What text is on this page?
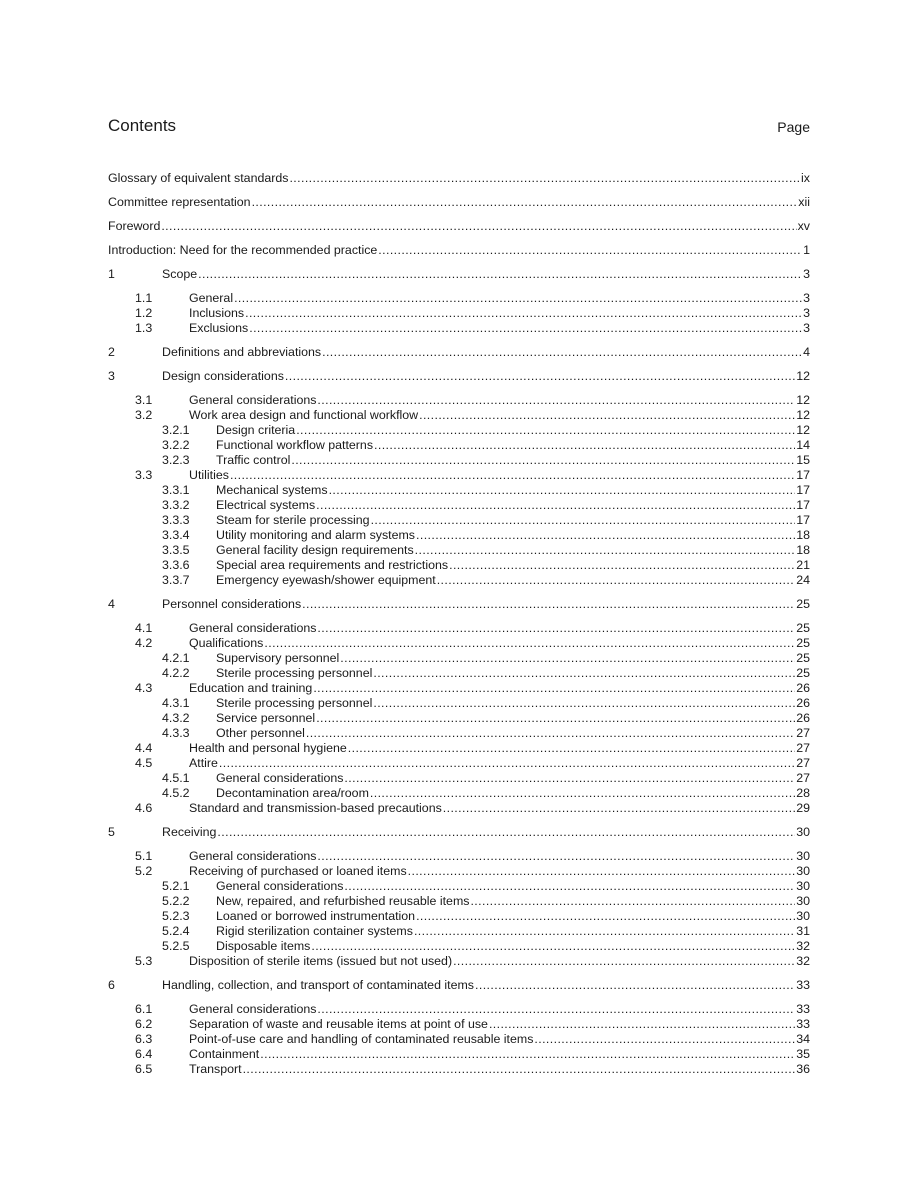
Contents	Page
Glossary of equivalent standards .....	ix
Committee representation .....	xii
Foreword .....	xv
Introduction: Need for the recommended practice .....	1
1	Scope .....	3
1.1	General .....	3
1.2	Inclusions .....	3
1.3	Exclusions .....	3
2	Definitions and abbreviations .....	4
3	Design considerations .....	12
3.1	General considerations .....	12
3.2	Work area design and functional workflow .....	12
3.2.1	Design criteria .....	12
3.2.2	Functional workflow patterns .....	14
3.2.3	Traffic control .....	15
3.3	Utilities .....	17
3.3.1	Mechanical systems .....	17
3.3.2	Electrical systems .....	17
3.3.3	Steam for sterile processing .....	17
3.3.4	Utility monitoring and alarm systems .....	18
3.3.5	General facility design requirements .....	18
3.3.6	Special area requirements and restrictions .....	21
3.3.7	Emergency eyewash/shower equipment .....	24
4	Personnel considerations .....	25
4.1	General considerations .....	25
4.2	Qualifications .....	25
4.2.1	Supervisory personnel .....	25
4.2.2	Sterile processing personnel .....	25
4.3	Education and training .....	26
4.3.1	Sterile processing personnel .....	26
4.3.2	Service personnel .....	26
4.3.3	Other personnel .....	27
4.4	Health and personal hygiene .....	27
4.5	Attire .....	27
4.5.1	General considerations .....	27
4.5.2	Decontamination area/room .....	28
4.6	Standard and transmission-based precautions .....	29
5	Receiving .....	30
5.1	General considerations .....	30
5.2	Receiving of purchased or loaned items .....	30
5.2.1	General considerations .....	30
5.2.2	New, repaired, and refurbished reusable items .....	30
5.2.3	Loaned or borrowed instrumentation .....	30
5.2.4	Rigid sterilization container systems .....	31
5.2.5	Disposable items .....	32
5.3	Disposition of sterile items (issued but not used) .....	32
6	Handling, collection, and transport of contaminated items .....	33
6.1	General considerations .....	33
6.2	Separation of waste and reusable items at point of use .....	33
6.3	Point-of-use care and handling of contaminated reusable items .....	34
6.4	Containment .....	35
6.5	Transport .....	36
